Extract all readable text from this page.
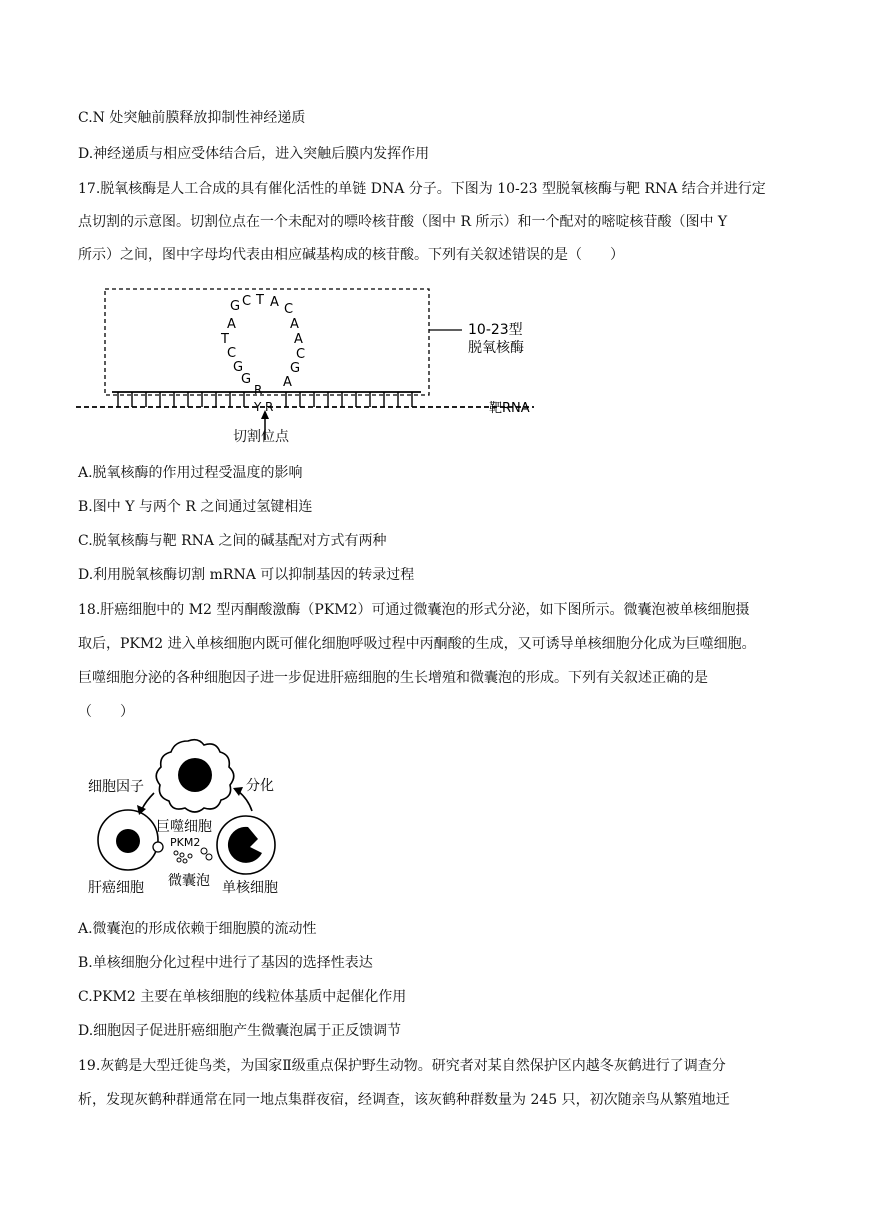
C.N 处突触前膜释放抑制性神经递质
D.神经递质与相应受体结合后，进入突触后膜内发挥作用
17.脱氧核酶是人工合成的具有催化活性的单链 DNA 分子。下图为 10-23 型脱氧核酶与靶 RNA 结合并进行定
点切割的示意图。切割位点在一个未配对的嘌呤核苷酸（图中 R 所示）和一个配对的嘧啶核苷酸（图中 Y
所示）之间，图中字母均代表由相应碱基构成的核苷酸。下列有关叙述错误的是（　　）
10-23型
脱氧核酶
靶RNA
G C T A C
A
A
C
G
A
A
T
C
G
G
R
Y R
切割位点
A.脱氧核酶的作用过程受温度的影响
B.图中 Y 与两个 R 之间通过氢键相连
C.脱氧核酶与靶 RNA 之间的碱基配对方式有两种
D.利用脱氧核酶切割 mRNA 可以抑制基因的转录过程
18.肝癌细胞中的 M2 型丙酮酸激酶（PKM2）可通过微囊泡的形式分泌，如下图所示。微囊泡被单核细胞摄
取后，PKM2 进入单核细胞内既可催化细胞呼吸过程中丙酮酸的生成，又可诱导单核细胞分化成为巨噬细胞。
巨噬细胞分泌的各种细胞因子进一步促进肝癌细胞的生长增殖和微囊泡的形成。下列有关叙述正确的是
（　　）
PKM2
细胞因子
巨噬细胞
分化
肝癌细胞 微囊泡 单核细胞
A.微囊泡的形成依赖于细胞膜的流动性
B.单核细胞分化过程中进行了基因的选择性表达
C.PKM2 主要在单核细胞的线粒体基质中起催化作用
D.细胞因子促进肝癌细胞产生微囊泡属于正反馈调节
19.灰鹤是大型迁徙鸟类，为国家Ⅱ级重点保护野生动物。研究者对某自然保护区内越冬灰鹤进行了调查分
析，发现灰鹤种群通常在同一地点集群夜宿，经调查，该灰鹤种群数量为 245 只，初次随亲鸟从繁殖地迁
